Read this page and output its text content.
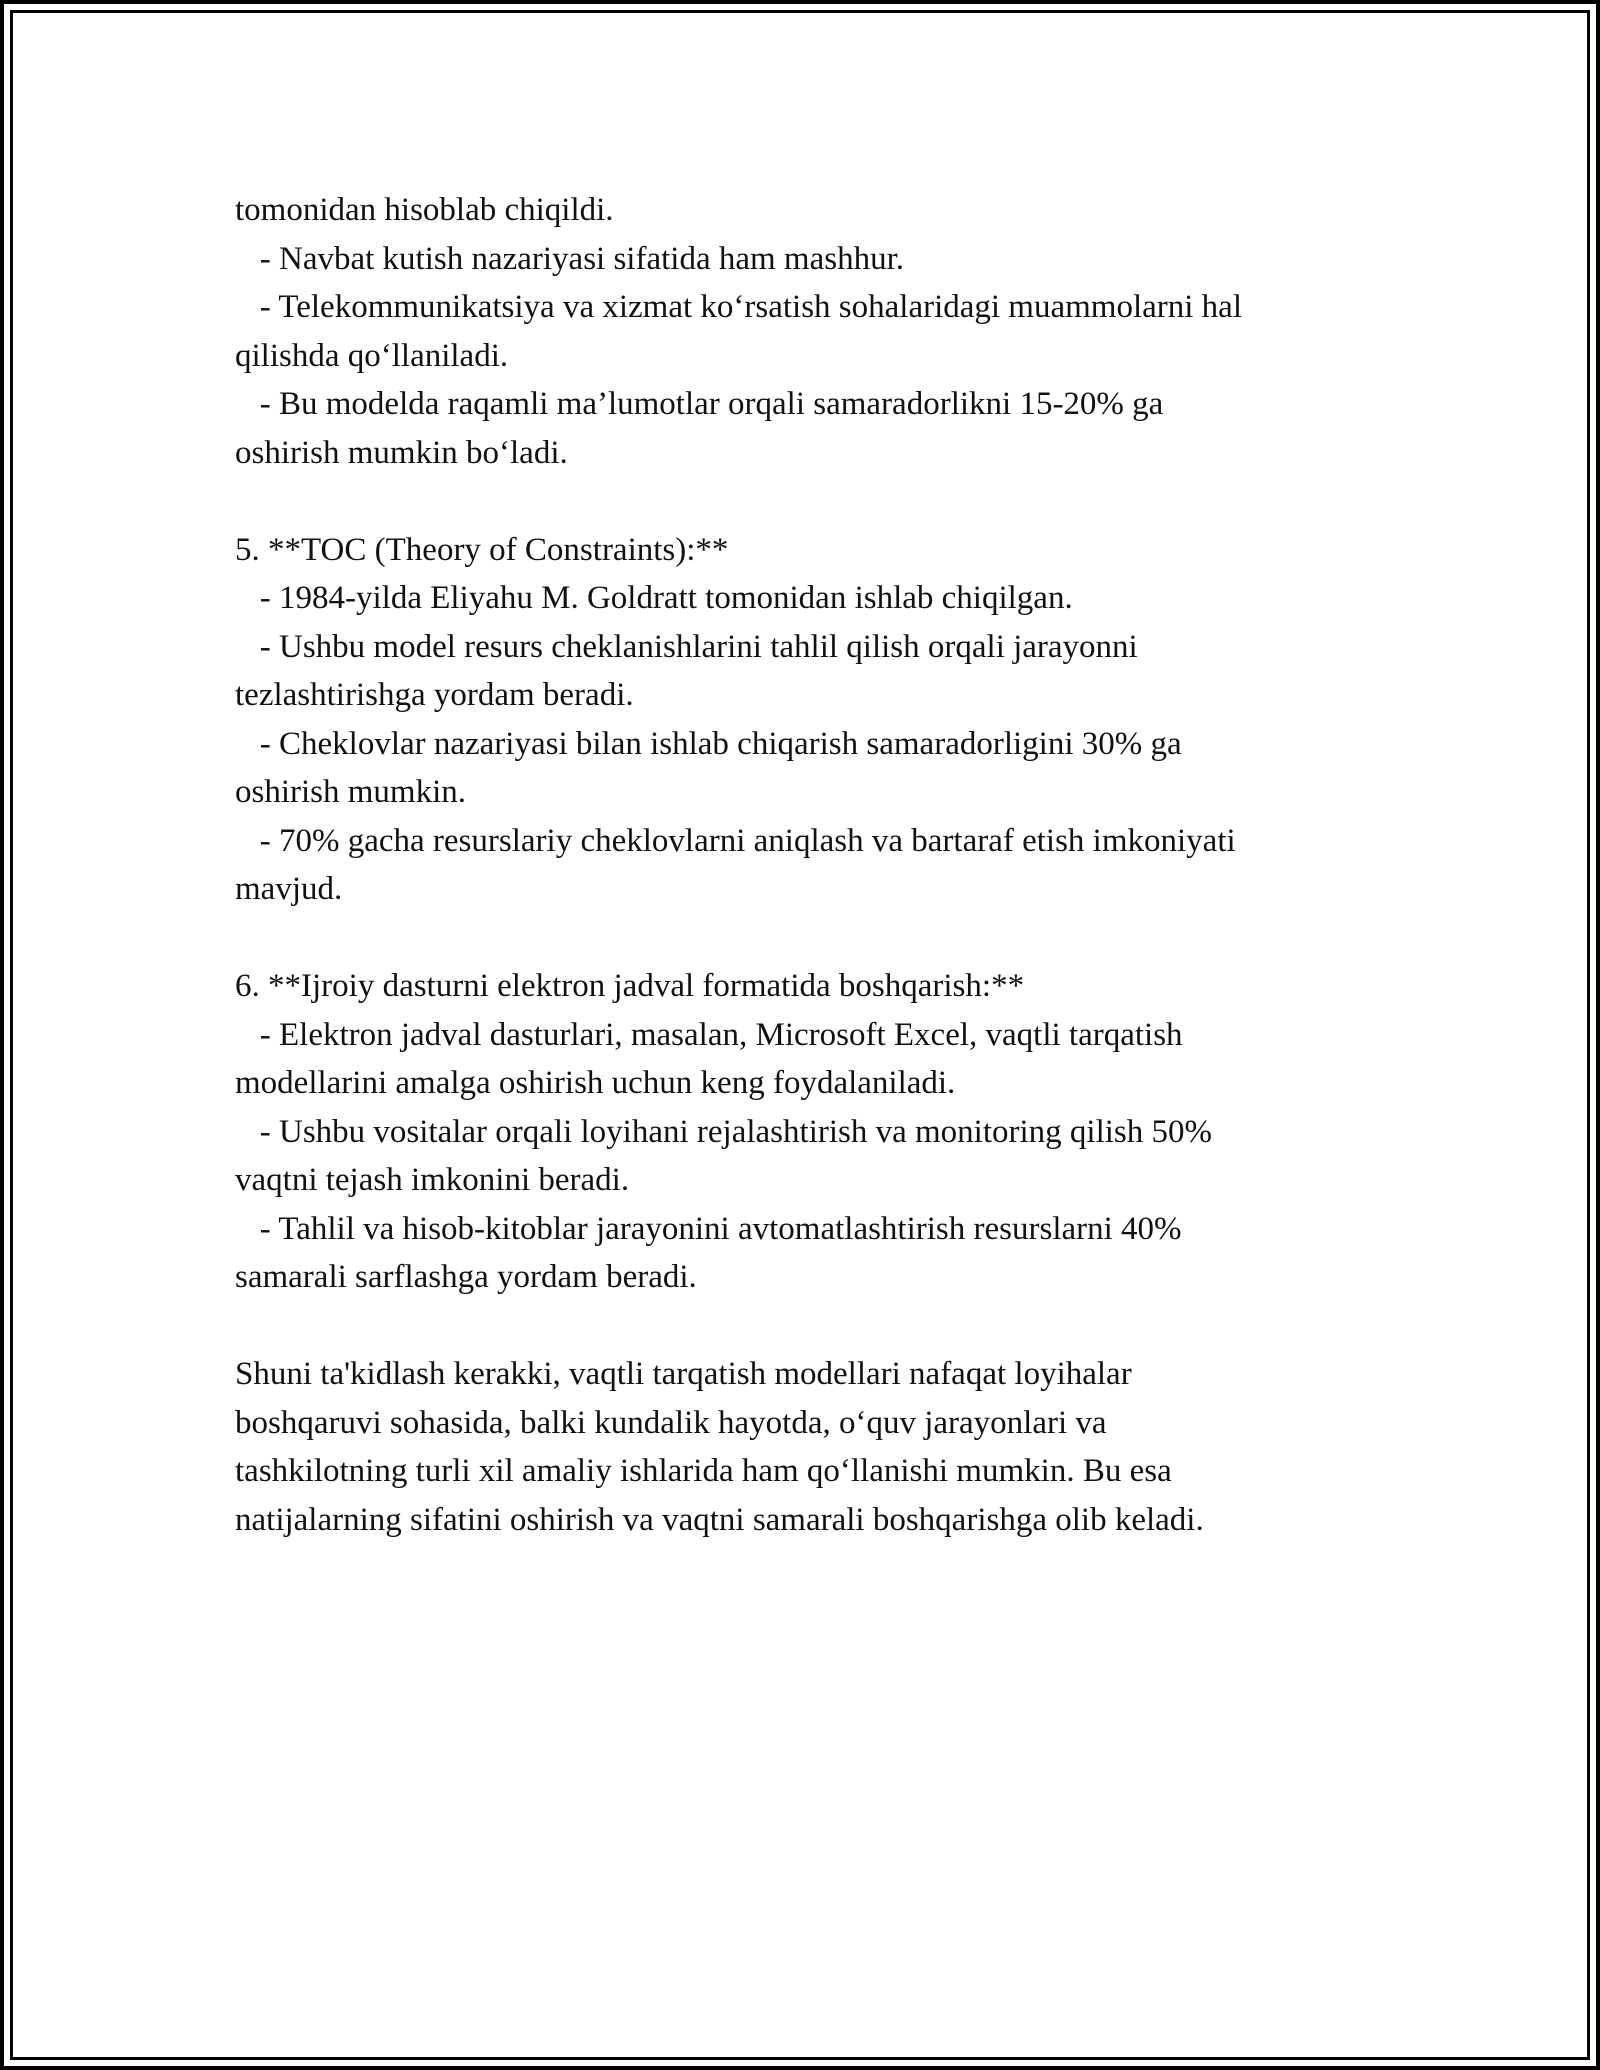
tomonidan hisoblab chiqildi.
- Navbat kutish nazariyasi sifatida ham mashhur.
- Telekommunikatsiya va xizmat ko‘rsatish sohalaridagi muammolarni hal
qilishda qo‘llaniladi.
- Bu modelda raqamli ma’lumotlar orqali samaradorlikni 15-20% ga
oshirish mumkin bo‘ladi.
5. **TOC (Theory of Constraints):**
- 1984-yilda Eliyahu M. Goldratt tomonidan ishlab chiqilgan.
- Ushbu model resurs cheklanishlarini tahlil qilish orqali jarayonni
tezlashtirishga yordam beradi.
- Cheklovlar nazariyasi bilan ishlab chiqarish samaradorligini 30% ga
oshirish mumkin.
- 70% gacha resurslariy cheklovlarni aniqlash va bartaraf etish imkoniyati
mavjud.
6. **Ijroiy dasturni elektron jadval formatida boshqarish:**
- Elektron jadval dasturlari, masalan, Microsoft Excel, vaqtli tarqatish
modellarini amalga oshirish uchun keng foydalaniladi.
- Ushbu vositalar orqali loyihani rejalashtirish va monitoring qilish 50%
vaqtni tejash imkonini beradi.
- Tahlil va hisob-kitoblar jarayonini avtomatlashtirish resurslarni 40%
samarali sarflashga yordam beradi.
Shuni ta'kidlash kerakki, vaqtli tarqatish modellari nafaqat loyihalar
boshqaruvi sohasida, balki kundalik hayotda, o‘quv jarayonlari va
tashkilotning turli xil amaliy ishlarida ham qo‘llanishi mumkin. Bu esa
natijalarning sifatini oshirish va vaqtni samarali boshqarishga olib keladi.
